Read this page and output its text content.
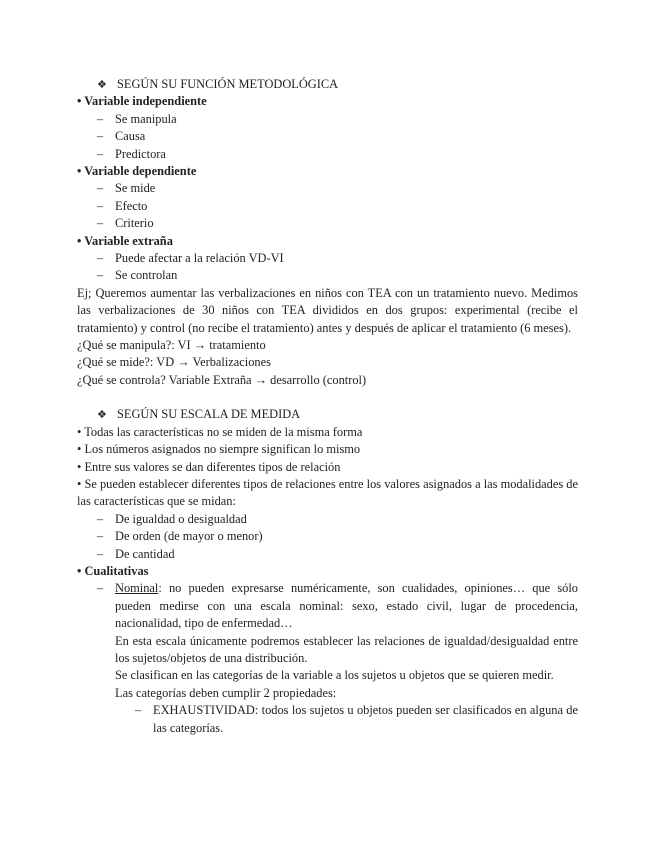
❖ SEGÚN SU FUNCIÓN METODOLÓGICA
• Variable independiente
– Se manipula
– Causa
– Predictora
• Variable dependiente
– Se mide
– Efecto
– Criterio
• Variable extraña
– Puede afectar a la relación VD-VI
– Se controlan
Ej; Queremos aumentar las verbalizaciones en niños con TEA con un tratamiento nuevo. Medimos las verbalizaciones de 30 niños con TEA divididos en dos grupos: experimental (recibe el tratamiento) y control (no recibe el tratamiento) antes y después de aplicar el tratamiento (6 meses).
¿Qué se manipula?: VI → tratamiento
¿Qué se mide?: VD → Verbalizaciones
¿Qué se controla? Variable Extraña → desarrollo (control)
❖ SEGÚN SU ESCALA DE MEDIDA
• Todas las características no se miden de la misma forma
• Los números asignados no siempre significan lo mismo
• Entre sus valores se dan diferentes tipos de relación
• Se pueden establecer diferentes tipos de relaciones entre los valores asignados a las modalidades de las características que se midan:
– De igualdad o desigualdad
– De orden (de mayor o menor)
– De cantidad
• Cualitativas
– Nominal: no pueden expresarse numéricamente, son cualidades, opiniones… que sólo pueden medirse con una escala nominal: sexo, estado civil, lugar de procedencia, nacionalidad, tipo de enfermedad…
En esta escala únicamente podremos establecer las relaciones de igualdad/desigualdad entre los sujetos/objetos de una distribución.
Se clasifican en las categorías de la variable a los sujetos u objetos que se quieren medir.
Las categorías deben cumplir 2 propiedades:
– EXHAUSTIVIDAD: todos los sujetos u objetos pueden ser clasificados en alguna de las categorías.
